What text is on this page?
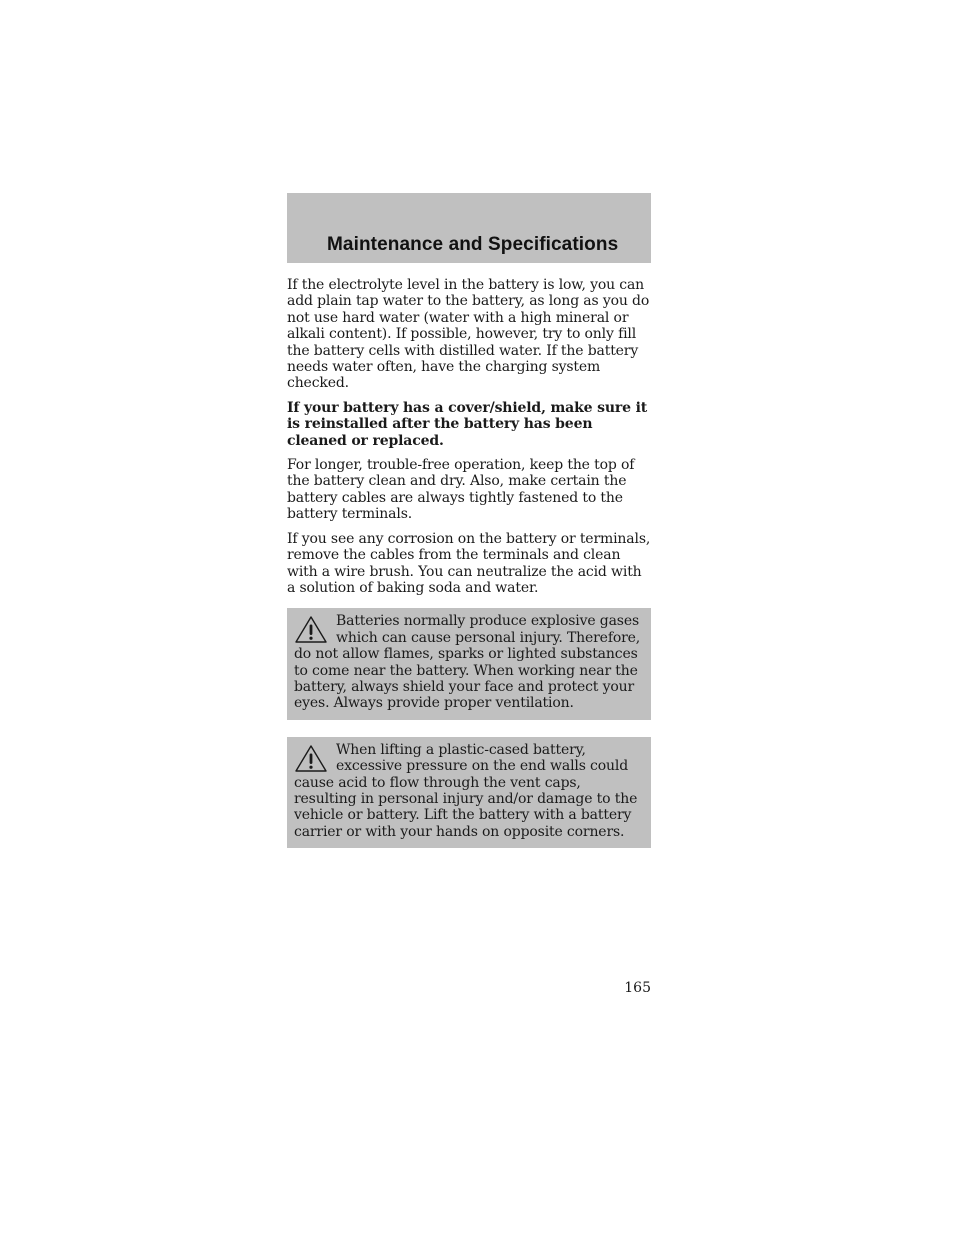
Maintenance and Specifications

If the electrolyte level in the battery is low, you can add plain tap water to the battery, as long as you do not use hard water (water with a high mineral or alkali content). If possible, however, try to only fill the battery cells with distilled water. If the battery needs water often, have the charging system checked.

If your battery has a cover/shield, make sure it is reinstalled after the battery has been cleaned or replaced.

For longer, trouble-free operation, keep the top of the battery clean and dry. Also, make certain the battery cables are always tightly fastened to the battery terminals.

If you see any corrosion on the battery or terminals, remove the cables from the terminals and clean with a wire brush. You can neutralize the acid with a solution of baking soda and water.

Batteries normally produce explosive gases which can cause personal injury. Therefore, do not allow flames, sparks or lighted substances to come near the battery. When working near the battery, always shield your face and protect your eyes. Always provide proper ventilation.
When lifting a plastic-cased battery, excessive pressure on the end walls could cause acid to flow through the vent caps, resulting in personal injury and/or damage to the vehicle or battery. Lift the battery with a battery carrier or with your hands on opposite corners.
165
